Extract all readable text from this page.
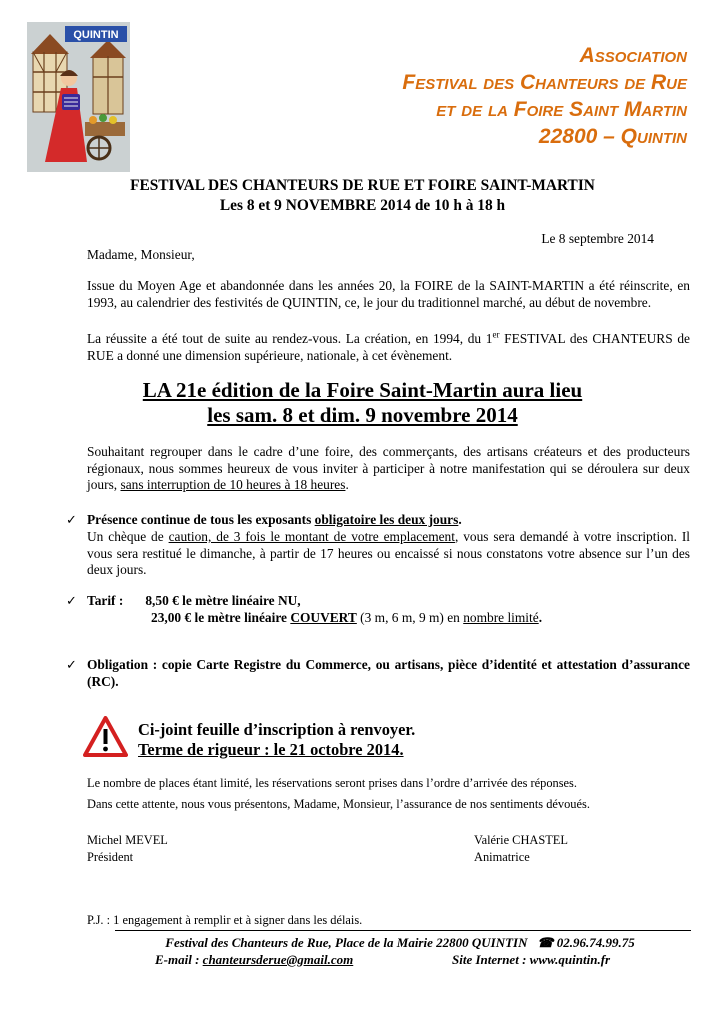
QUINTIN
Association
Festival des Chanteurs de Rue
et de la Foire Saint Martin
22800 – Quintin
FESTIVAL DES CHANTEURS DE RUE ET FOIRE SAINT-MARTIN
Les 8 et 9 NOVEMBRE 2014 de 10 h à 18 h
Le 8 septembre 2014
Madame, Monsieur,

Issue du Moyen Age et abandonnée dans les années 20, la FOIRE de la SAINT-MARTIN a été réinscrite, en 1993, au calendrier des festivités de QUINTIN, ce, le jour du traditionnel marché, au début de novembre.

La réussite a été tout de suite au rendez-vous. La création, en 1994, du 1er FESTIVAL des CHANTEURS de RUE a donné une dimension supérieure, nationale, à cet évènement.

LA 21e édition de la Foire Saint-Martin aura lieu
les sam. 8 et dim. 9 novembre 2014

Souhaitant regrouper dans le cadre d’une foire, des commerçants, des artisans créateurs et des producteurs régionaux, nous sommes heureux de vous inviter à participer à notre manifestation qui se déroulera sur deux jours, sans interruption de 10 heures à 18 heures.

✓ Présence continue de tous les exposants obligatoire les deux jours.

Un chèque de caution, de 3 fois le montant de votre emplacement, vous sera demandé à votre inscription. Il vous sera restitué le dimanche, à partir de 17 heures ou encaissé si nous constatons votre absence sur l’un des deux jours.

✓ Tarif : 8,50 € le mètre linéaire NU,
23,00 € le mètre linéaire COUVERT (3 m, 6 m, 9 m) en nombre limité.
✓ Obligation : copie Carte Registre du Commerce, ou artisans, pièce d’identité et attestation d’assurance (RC).

Ci-joint feuille d’inscription à renvoyer.
Terme de rigueur : le 21 octobre 2014.
Le nombre de places étant limité, les réservations seront prises dans l’ordre d’arrivée des réponses.
Dans cette attente, nous vous présentons, Madame, Monsieur, l’assurance de nos sentiments dévoués.
Michel MEVEL
Président
Valérie CHASTEL
Animatrice
P.J. : 1 engagement à remplir et à signer dans les délais.
Festival des Chanteurs de Rue, Place de la Mairie 22800 QUINTIN ☎ 02.96.74.99.75
E-mail : chanteursderue@gmail.com	Site Internet : www.quintin.fr
